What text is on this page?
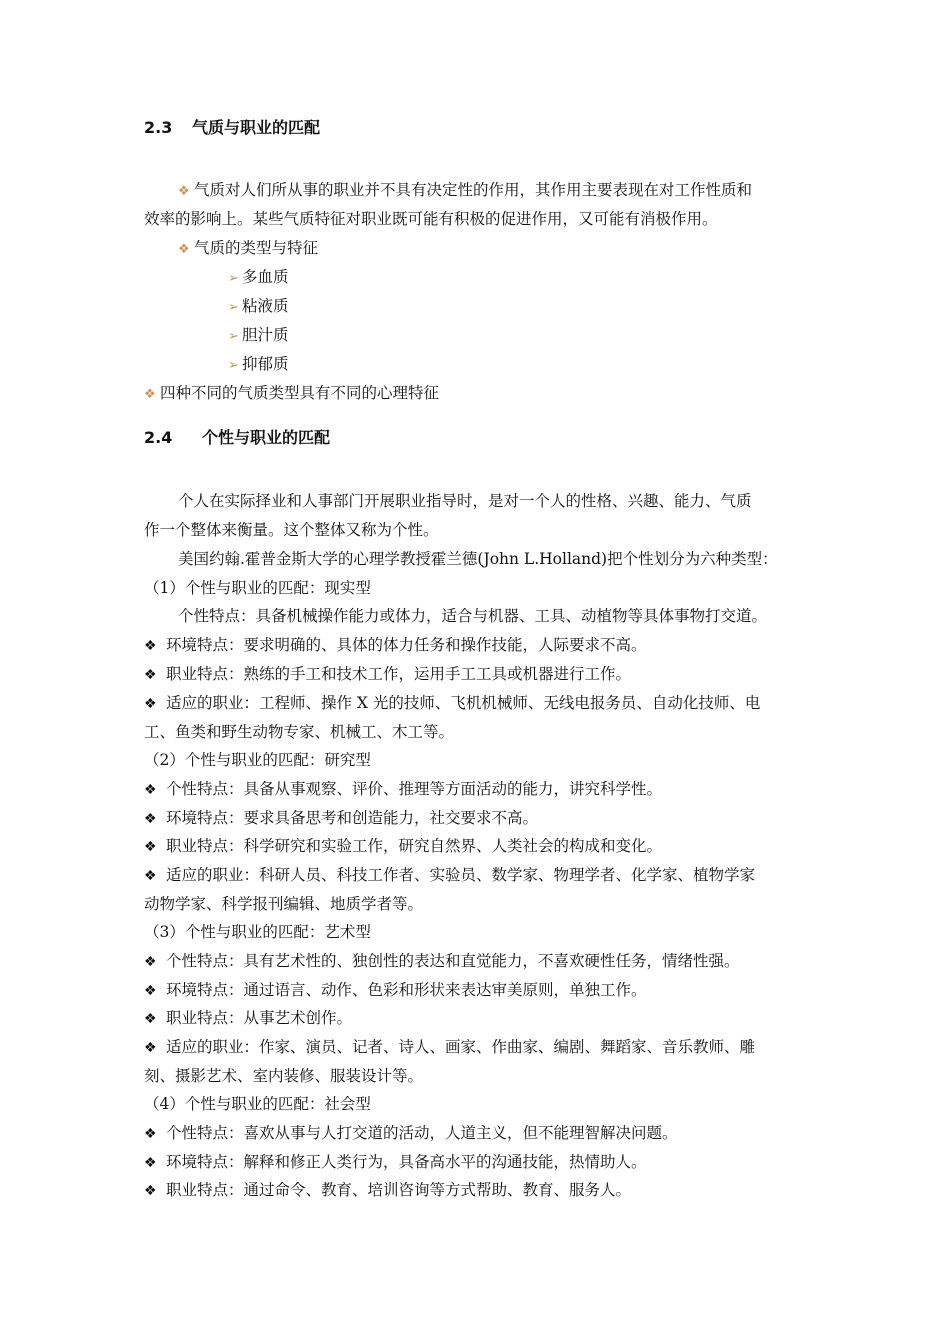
2.3 气质与职业的匹配
❖ 气质对人们所从事的职业并不具有决定性的作用，其作用主要表现在对工作性质和
效率的影响上。某些气质特征对职业既可能有积极的促进作用，又可能有消极作用。
❖ 气质的类型与特征
➢ 多血质
➢ 粘液质
➢ 胆汁质
➢ 抑郁质
❖ 四种不同的气质类型具有不同的心理特征
2.4 个性与职业的匹配
个人在实际择业和人事部门开展职业指导时，是对一个人的性格、兴趣、能力、气质
作一个整体来衡量。这个整体又称为个性。
美国约翰.霍普金斯大学的心理学教授霍兰德(John L.Holland)把个性划分为六种类型：
（1）个性与职业的匹配：现实型
个性特点：具备机械操作能力或体力，适合与机器、工具、动植物等具体事物打交道。
❖ 环境特点：要求明确的、具体的体力任务和操作技能，人际要求不高。
❖ 职业特点：熟练的手工和技术工作，运用手工工具或机器进行工作。
❖ 适应的职业：工程师、操作 X 光的技师、飞机机械师、无线电报务员、自动化技师、电
工、鱼类和野生动物专家、机械工、木工等。
（2）个性与职业的匹配：研究型
❖ 个性特点：具备从事观察、评价、推理等方面活动的能力，讲究科学性。
❖ 环境特点：要求具备思考和创造能力，社交要求不高。
❖ 职业特点：科学研究和实验工作，研究自然界、人类社会的构成和变化。
❖ 适应的职业：科研人员、科技工作者、实验员、数学家、物理学者、化学家、植物学家
动物学家、科学报刊编辑、地质学者等。
（3）个性与职业的匹配：艺术型
❖ 个性特点：具有艺术性的、独创性的表达和直觉能力，不喜欢硬性任务，情绪性强。
❖ 环境特点：通过语言、动作、色彩和形状来表达审美原则，单独工作。
❖ 职业特点：从事艺术创作。
❖ 适应的职业：作家、演员、记者、诗人、画家、作曲家、编剧、舞蹈家、音乐教师、雕
刻、摄影艺术、室内装修、服装设计等。
（4）个性与职业的匹配：社会型
❖ 个性特点：喜欢从事与人打交道的活动，人道主义，但不能理智解决问题。
❖ 环境特点：解释和修正人类行为，具备高水平的沟通技能，热情助人。
❖ 职业特点：通过命令、教育、培训咨询等方式帮助、教育、服务人。
